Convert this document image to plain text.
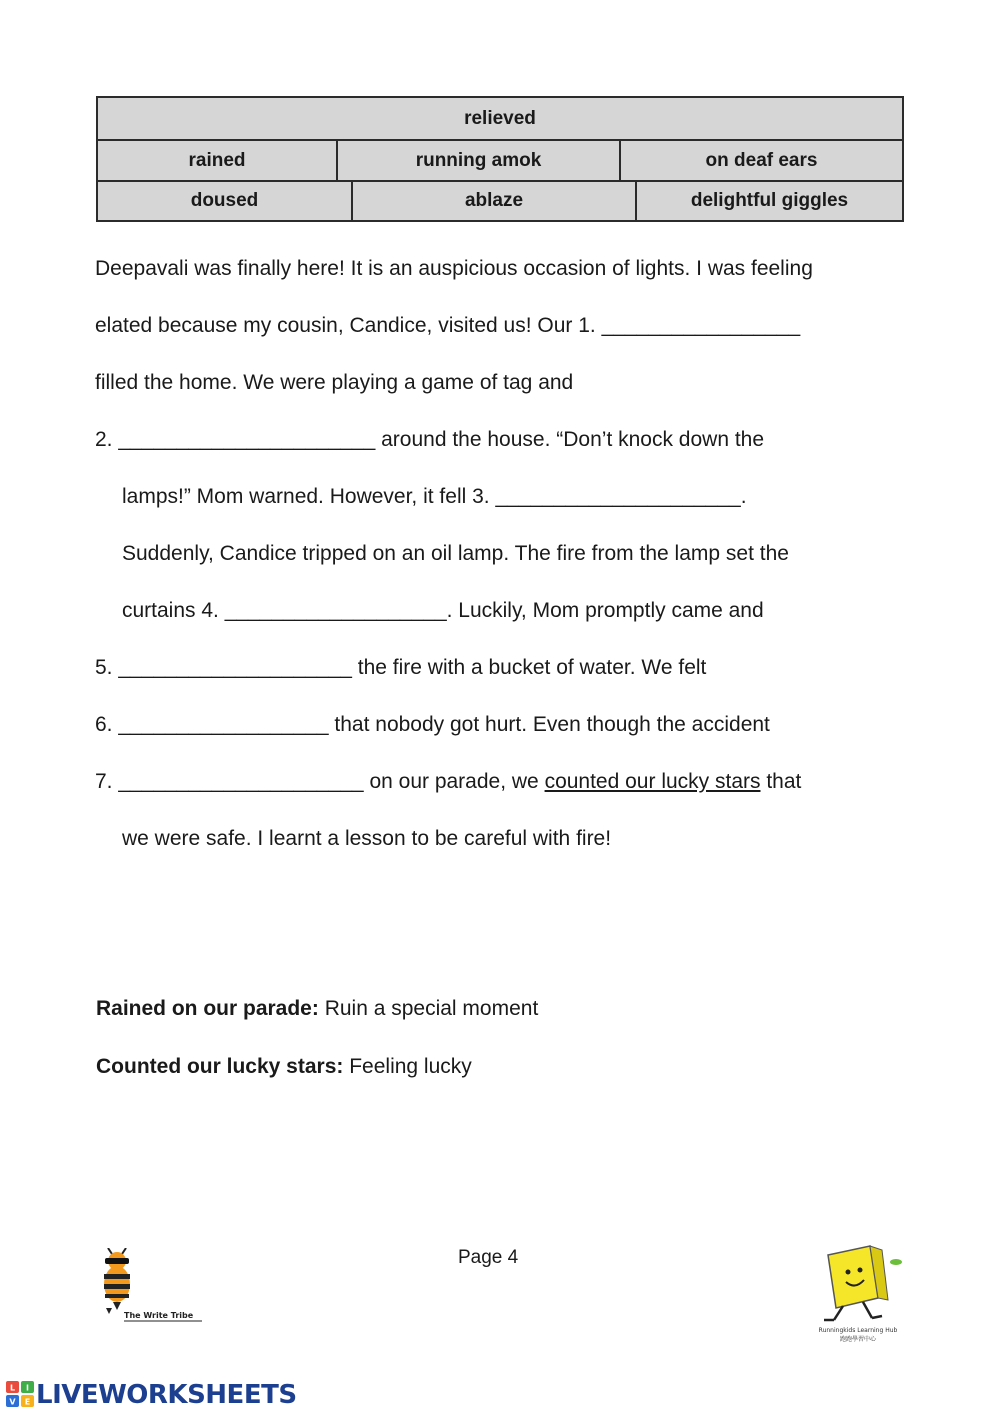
relieved
rained	running amok	on deaf ears
doused	ablaze	delightful giggles
Deepavali was finally here! It is an auspicious occasion of lights. I was feeling
elated because my cousin, Candice, visited us! Our 1. _________________
filled the home. We were playing a game of tag and
2. ______________________ around the house. “Don’t knock down the
lamps!” Mom warned. However, it fell 3. _____________________.
Suddenly, Candice tripped on an oil lamp. The fire from the lamp set the
curtains 4. ___________________. Luckily, Mom promptly came and
5. ____________________ the fire with a bucket of water. We felt
6. __________________ that nobody got hurt. Even though the accident
7. _____________________ on our parade, we counted our lucky stars that
we were safe. I learnt a lesson to be careful with fire!
Rained on our parade: Ruin a special moment
Counted our lucky stars: Feeling lucky
Page 4
The Write Tribe
Runningkids Learning Hub
跑跑學習中心
L I
V E LIVEWORKSHEETS
